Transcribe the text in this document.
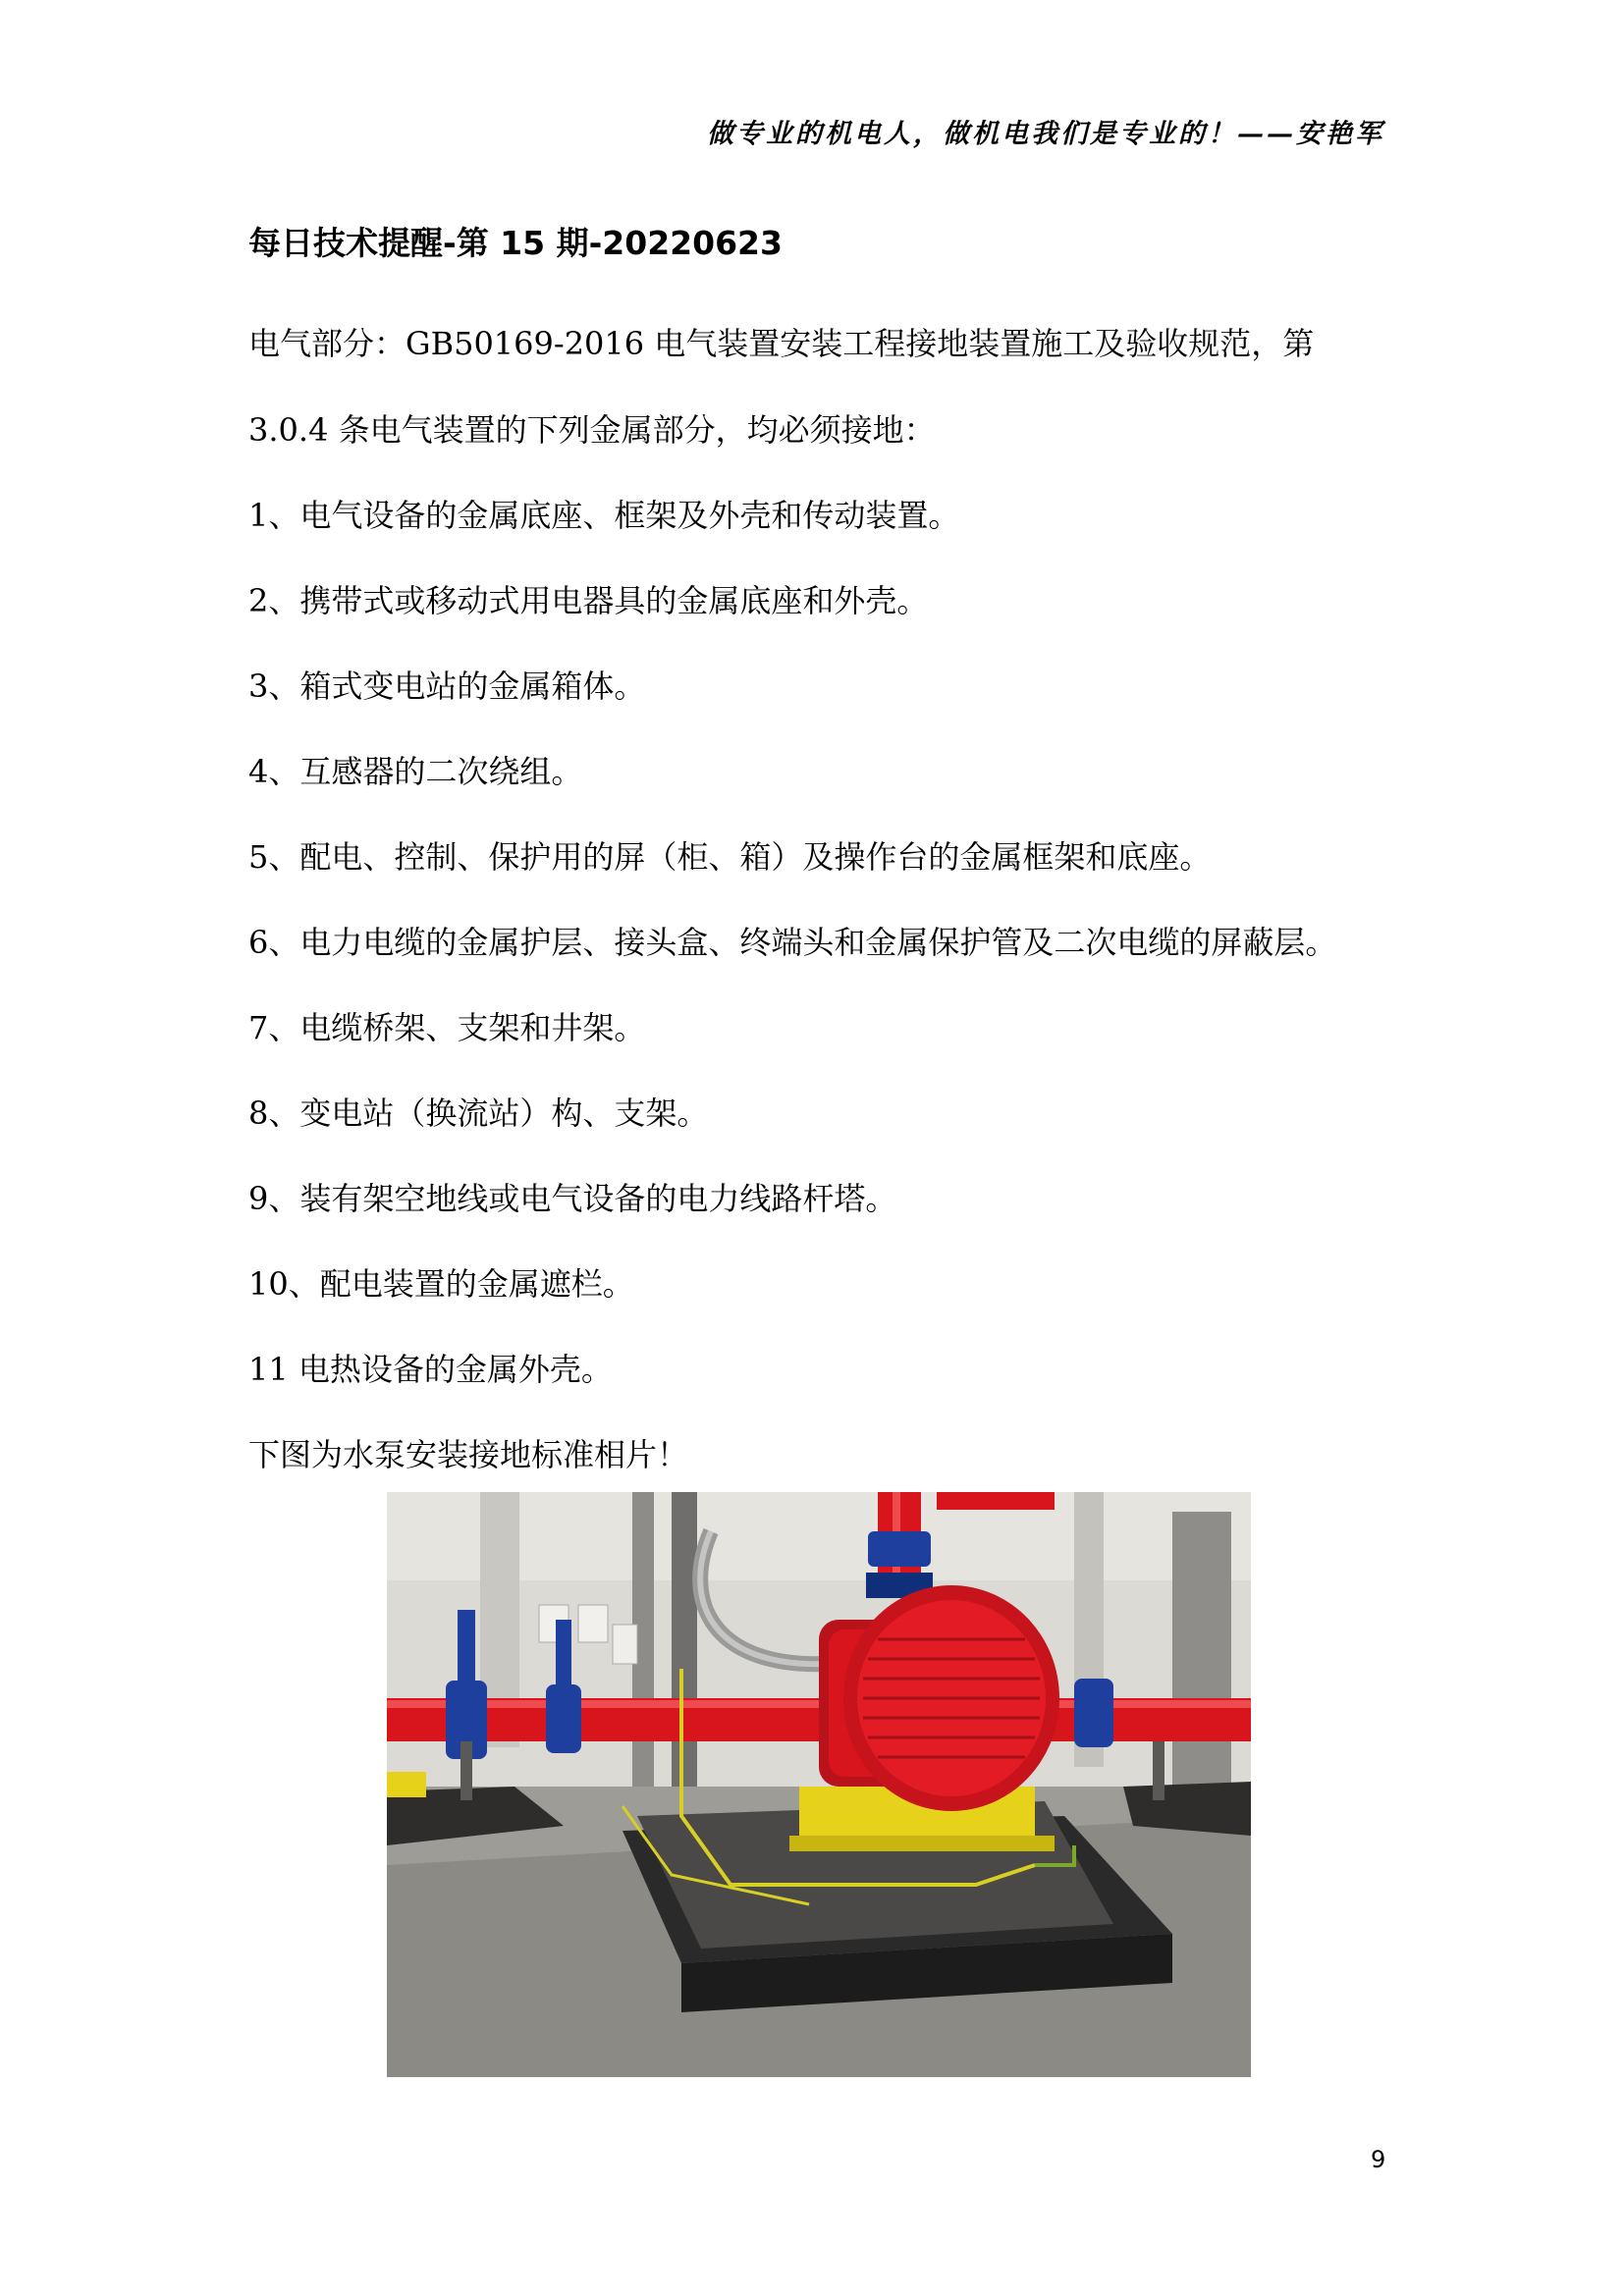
做专业的机电人，做机电我们是专业的！——安艳军
每日技术提醒-第 15 期-20220623
电气部分：GB50169-2016 电气装置安装工程接地装置施工及验收规范，第
3.0.4 条电气装置的下列金属部分，均必须接地：
1、电气设备的金属底座、框架及外壳和传动装置。
2、携带式或移动式用电器具的金属底座和外壳。
3、箱式变电站的金属箱体。
4、互感器的二次绕组。
5、配电、控制、保护用的屏（柜、箱）及操作台的金属框架和底座。
6、电力电缆的金属护层、接头盒、终端头和金属保护管及二次电缆的屏蔽层。
7、电缆桥架、支架和井架。
8、变电站（换流站）构、支架。
9、装有架空地线或电气设备的电力线路杆塔。
10、配电装置的金属遮栏。
11 电热设备的金属外壳。
下图为水泵安装接地标准相片！
9
